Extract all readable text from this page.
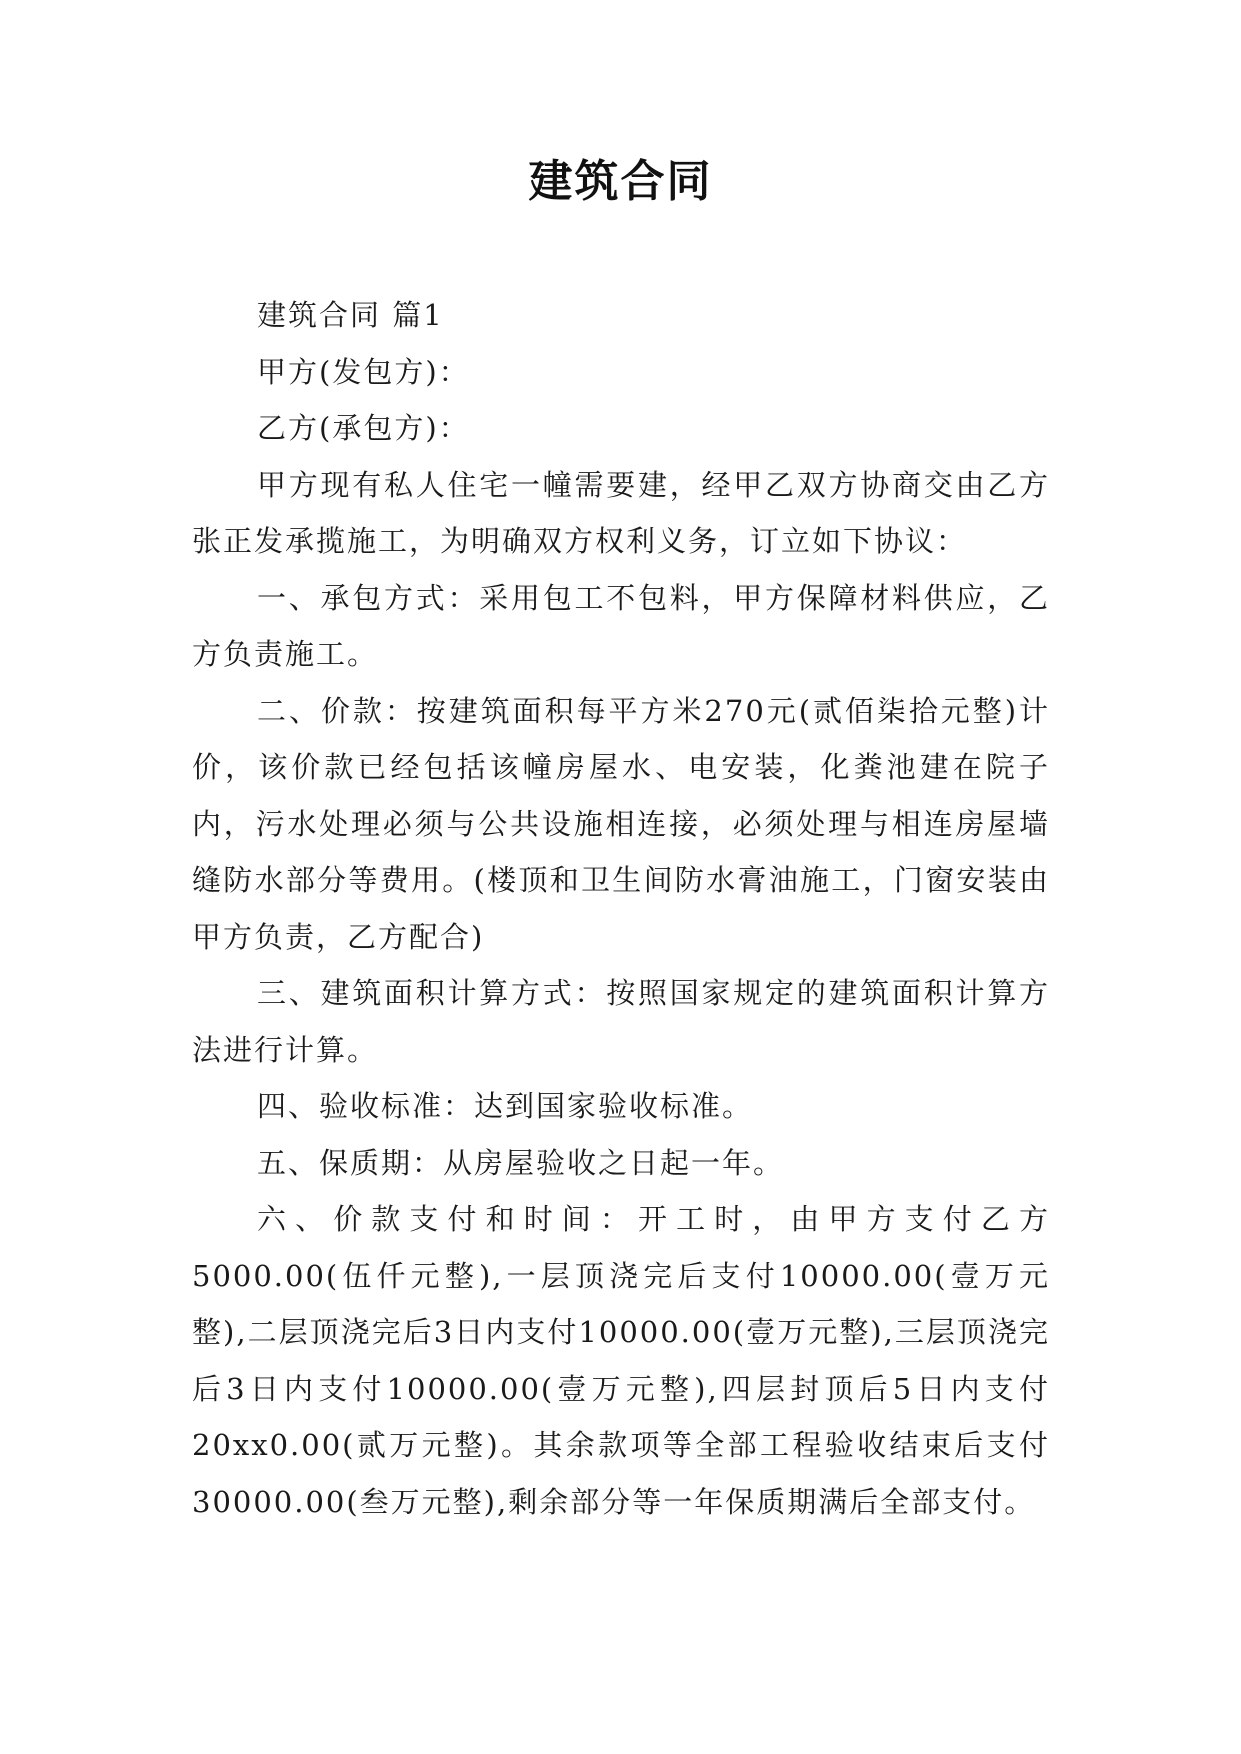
建筑合同

建筑合同 篇1

甲方(发包方)：

乙方(承包方)：

甲方现有私人住宅一幢需要建，经甲乙双方协商交由乙方张正发承揽施工，为明确双方权利义务，订立如下协议：

一、承包方式：采用包工不包料，甲方保障材料供应，乙方负责施工。

二、价款：按建筑面积每平方米270元(贰佰柒拾元整)计价，该价款已经包括该幢房屋水、电安装，化粪池建在院子内，污水处理必须与公共设施相连接，必须处理与相连房屋墙缝防水部分等费用。(楼顶和卫生间防水膏油施工，门窗安装由甲方负责，乙方配合)

三、建筑面积计算方式：按照国家规定的建筑面积计算方法进行计算。

四、验收标准：达到国家验收标准。

五、保质期：从房屋验收之日起一年。

六、价款支付和时间：开工时，由甲方支付乙方5000.00(伍仟元整),一层顶浇完后支付10000.00(壹万元整),二层顶浇完后3日内支付10000.00(壹万元整),三层顶浇完后3日内支付10000.00(壹万元整),四层封顶后5日内支付20xx0.00(贰万元整)。其余款项等全部工程验收结束后支付30000.00(叁万元整),剩余部分等一年保质期满后全部支付。
